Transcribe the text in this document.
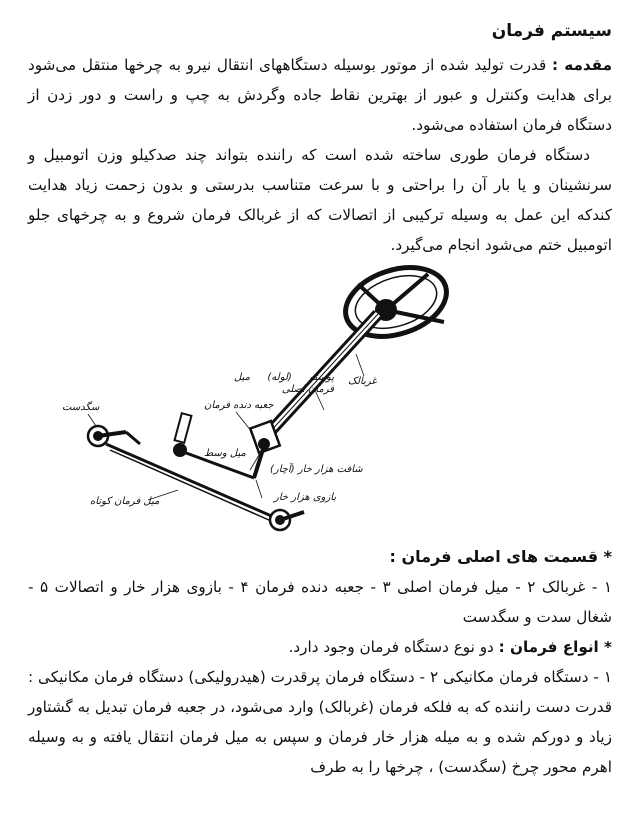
سیستم فرمان

مقدمه : قدرت تولید شده از موتور بوسیله دستگاههای انتقال نیرو به چرخها منتقل می‌شود برای هدایت وکنترل و عبور از بهترین نقاط جاده وگردش به چپ و راست و دور زدن از دستگاه فرمان استفاده می‌شود.

دستگاه فرمان طوری ساخته شده است که راننده بتواند چند صدکیلو وزن اتومبیل و سرنشینان و یا بار آن را براحتی و با سرعت متناسب بدرستی و بدون زحمت زیاد هدایت کندکه این عمل به وسیله ترکیبی از اتصالات که از غربالک فرمان شروع و به چرخهای جلو اتومبیل ختم می‌شود انجام می‌گیرد.

غربالک
پوسته (لوله) میل فرمان اصلی
جعبه دنده فرمان
شافت هزار خار (آچار)
بازوی هزار خار
میل وسط
میل فرمان کوتاه
سگدست

* قسمت های اصلی فرمان :

۱ - غربالک ۲ - میل فرمان اصلی ۳ - جعبه دنده فرمان ۴ - بازوی هزار خار و اتصالات ۵ - شغال سدت و سگدست

* انواع فرمان : دو نوع دستگاه فرمان وجود دارد.

۱ - دستگاه فرمان مکانیکی ۲ - دستگاه فرمان پرقدرت (هیدرولیکی) دستگاه فرمان مکانیکی : قدرت دست راننده که به فلکه فرمان (غربالک) وارد می‌شود، در جعبه فرمان تبدیل به گشتاور زیاد و دورکم شده و به میله هزار خار فرمان و سپس به میل فرمان انتقال یافته و به وسیله اهرم محور چرخ (سگدست) ، چرخها را به طرف
